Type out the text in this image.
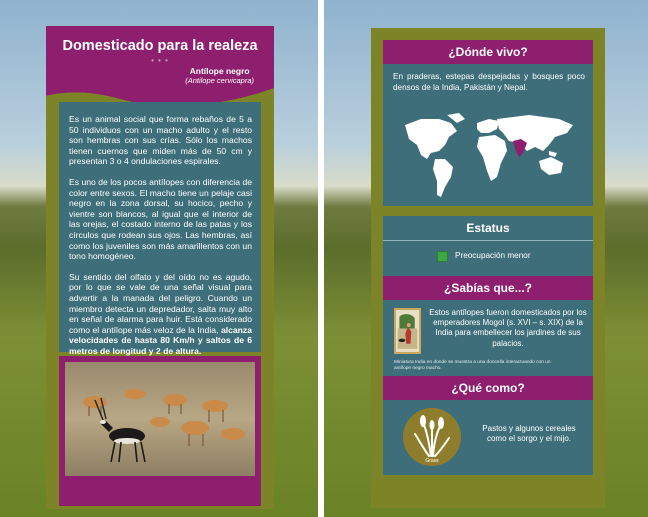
Domesticado para la realeza
• • •
Antílope negro
(Antilope cervicapra)

Es un animal social que forma rebaños de 5 a 50 individuos con un macho adulto y el resto son hembras con sus crías. Sólo los machos tienen cuernos que miden más de 50 cm y presentan 3 o 4 ondulaciones espirales.

Es uno de los pocos antílopes con diferencia de color entre sexos. El macho tiene un pelaje casi negro en la zona dorsal, su hocico, pecho y vientre son blancos, al igual que el interior de las orejas, el costado interno de las patas y los círculos que rodean sus ojos. Las hembras, así como los juveniles son más amarillentos con un tono homogéneo.

Su sentido del olfato y del oído no es agudo, por lo que se vale de una señal visual para advertir a la manada del peligro. Cuando un miembro detecta un depredador, salta muy alto en señal de alarma para huir. Está considerado como el antílope más veloz de la India, alcanza velocidades de hasta 80 Km/h y saltos de 6 metros de longitud y 2 de altura.

¿Dónde vivo?
En praderas, estepas despejadas y bosques poco densos de la India, Pakistán y Nepal.
Estatus
Preocupación menor
¿Sabías que...?
Estos antílopes fueron domesticados por los emperadores Mogol (s. XVI – s. XIX) de la India para embellecer los jardines de sus palacios.
Miniatura India en donde se muestra a una doncella interactuando con un antílope negro macho.
¿Qué como?
Grass
Pastos y algunos cereales como el sorgo y el mijo.
